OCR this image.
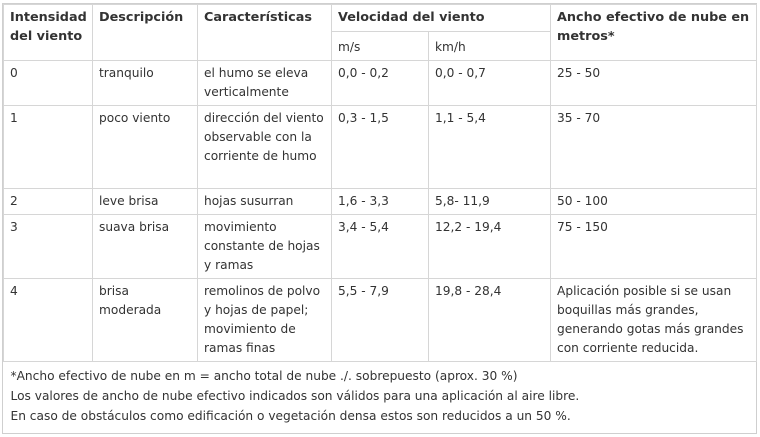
Intensidad del viento	Descripción	Características	Velocidad del viento		Ancho efectivo de nube en metros*
			m/s	km/h	
0	tranquilo	el humo se eleva verticalmente	0,0 - 0,2	0,0 - 0,7	25 - 50
1	poco viento	dirección del viento observable con la corriente de humo	0,3 - 1,5	1,1 - 5,4	35 - 70
2	leve brisa	hojas susurran	1,6 - 3,3	5,8- 11,9	50 - 100
3	suava brisa	movimiento constante de hojas y ramas	3,4 - 5,4	12,2 - 19,4	75 - 150
4	brisa moderada	remolinos de polvo y hojas de papel; movimiento de ramas finas	5,5 - 7,9	19,8 - 28,4	Aplicación posible si se usan boquillas más grandes, generando gotas más grandes con corriente reducida.

*Ancho efectivo de nube en m = ancho total de nube ./. sobrepuesto (aprox. 30 %)
Los valores de ancho de nube efectivo indicados son válidos para una aplicación al aire libre.
En caso de obstáculos como edificación o vegetación densa estos son reducidos a un 50 %.					
